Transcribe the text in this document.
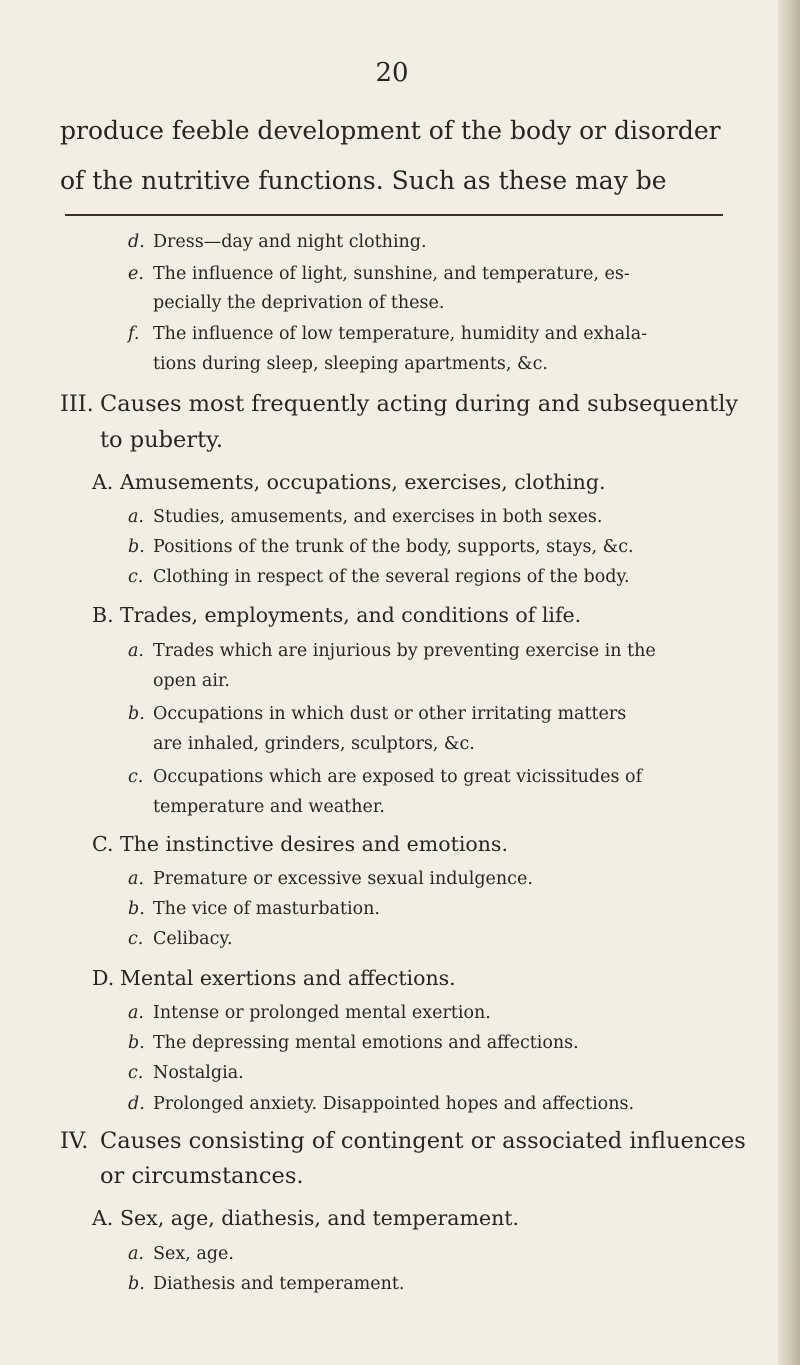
20
produce feeble development of the body or disorder
of the nutritive functions. Such as these may be
d. Dress—day and night clothing.
e. The influence of light, sunshine, and temperature, es-
pecially the deprivation of these.
f. The influence of low temperature, humidity and exhala-
tions during sleep, sleeping apartments, &c.
III. Causes most frequently acting during and subsequently
to puberty.
A. Amusements, occupations, exercises, clothing.
a. Studies, amusements, and exercises in both sexes.
b. Positions of the trunk of the body, supports, stays, &c.
c. Clothing in respect of the several regions of the body.
B. Trades, employments, and conditions of life.
a. Trades which are injurious by preventing exercise in the
open air.
b. Occupations in which dust or other irritating matters
are inhaled, grinders, sculptors, &c.
c. Occupations which are exposed to great vicissitudes of
temperature and weather.
C. The instinctive desires and emotions.
a. Premature or excessive sexual indulgence.
b. The vice of masturbation.
c. Celibacy.
D. Mental exertions and affections.
a. Intense or prolonged mental exertion.
b. The depressing mental emotions and affections.
c. Nostalgia.
d. Prolonged anxiety. Disappointed hopes and affections.
IV. Causes consisting of contingent or associated influences
or circumstances.
A. Sex, age, diathesis, and temperament.
a. Sex, age.
b. Diathesis and temperament.
